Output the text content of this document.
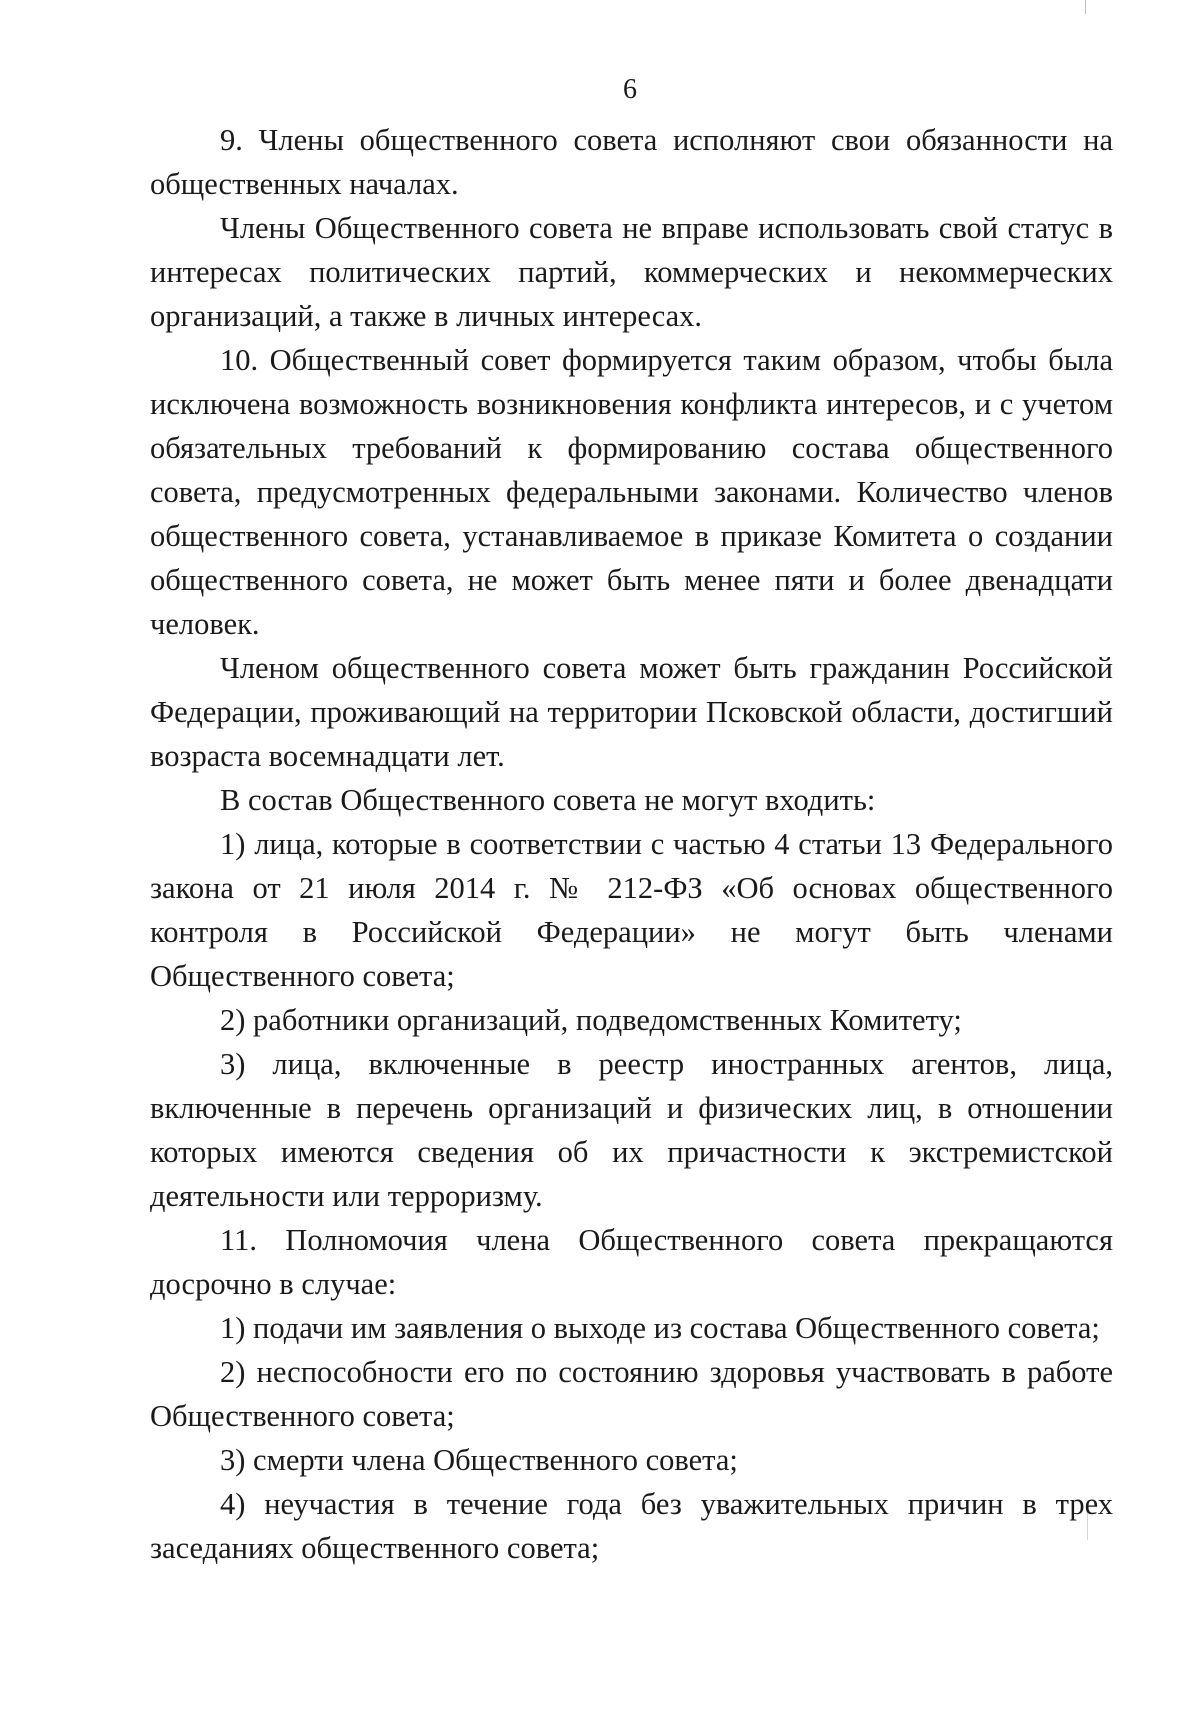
6

9. Члены общественного совета исполняют свои обязанности на общественных началах.

Члены Общественного совета не вправе использовать свой статус в интересах политических партий, коммерческих и некоммерческих организаций, а также в личных интересах.

10. Общественный совет формируется таким образом, чтобы была исключена возможность возникновения конфликта интересов, и с учетом обязательных требований к формированию состава общественного совета, предусмотренных федеральными законами. Количество членов общественного совета, устанавливаемое в приказе Комитета о создании общественного совета, не может быть менее пяти и более двенадцати человек.

Членом общественного совета может быть гражданин Российской Федерации, проживающий на территории Псковской области, достигший возраста восемнадцати лет.

В состав Общественного совета не могут входить:

1) лица, которые в соответствии с частью 4 статьи 13 Федерального закона от 21 июля 2014 г. № 212-ФЗ «Об основах общественного контроля в Российской Федерации» не могут быть членами Общественного совета;

2) работники организаций, подведомственных Комитету;

3) лица, включенные в реестр иностранных агентов, лица, включенные в перечень организаций и физических лиц, в отношении которых имеются сведения об их причастности к экстремистской деятельности или терроризму.

11. Полномочия члена Общественного совета прекращаются досрочно в случае:

1) подачи им заявления о выходе из состава Общественного совета;

2) неспособности его по состоянию здоровья участвовать в работе Общественного совета;

3) смерти члена Общественного совета;

4) неучастия в течение года без уважительных причин в трех заседаниях общественного совета;
